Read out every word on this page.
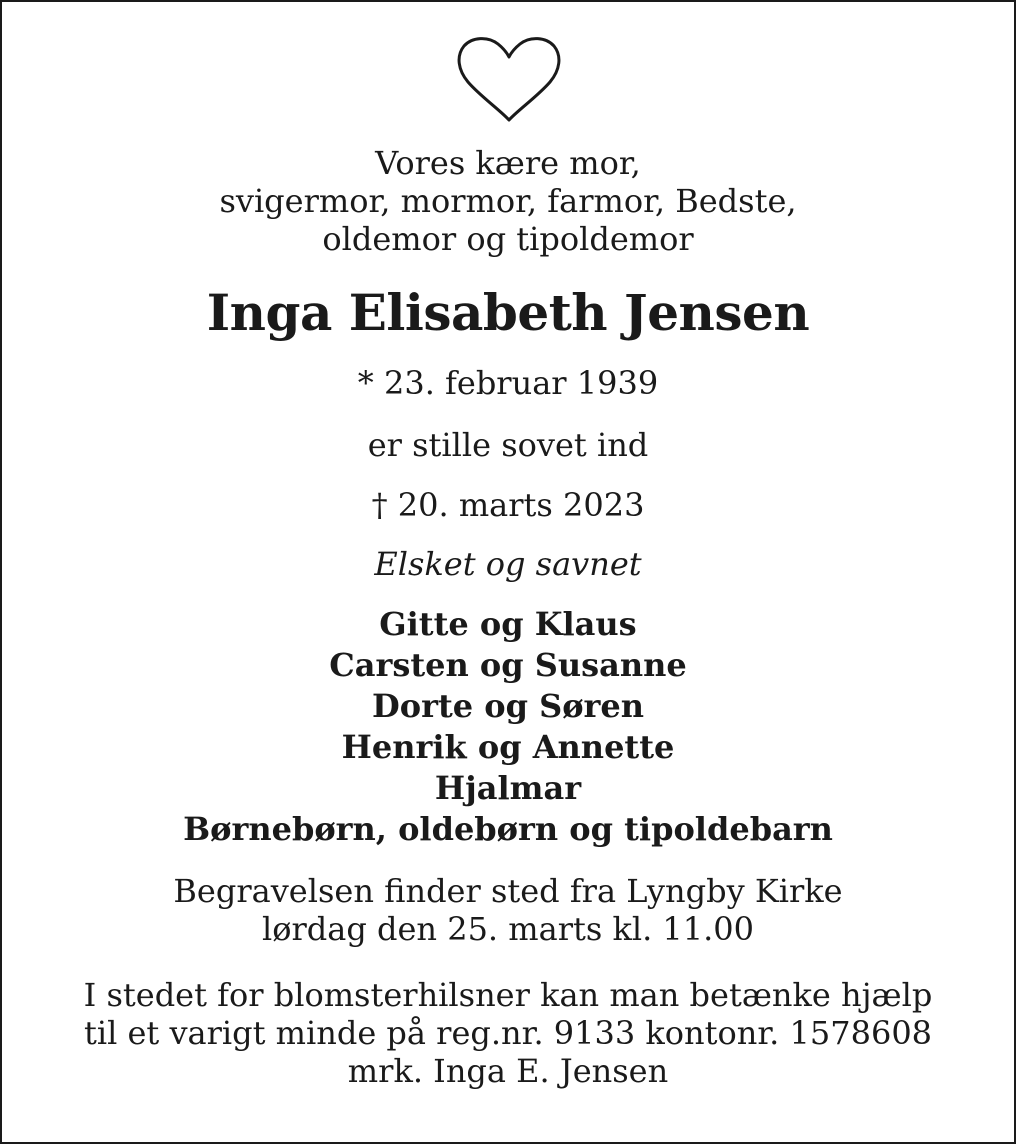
Vores kære mor,
svigermor, mormor, farmor, Bedste,
oldemor og tipoldemor

Inga Elisabeth Jensen

* 23. februar 1939

er stille sovet ind

† 20. marts 2023

Elsket og savnet

Gitte og Klaus
Carsten og Susanne
Dorte og Søren
Henrik og Annette
Hjalmar
Børnebørn, oldebørn og tipoldebarn

Begravelsen finder sted fra Lyngby Kirke
lørdag den 25. marts kl. 11.00

I stedet for blomsterhilsner kan man betænke hjælp
til et varigt minde på reg.nr. 9133 kontonr. 1578608
mrk. Inga E. Jensen
